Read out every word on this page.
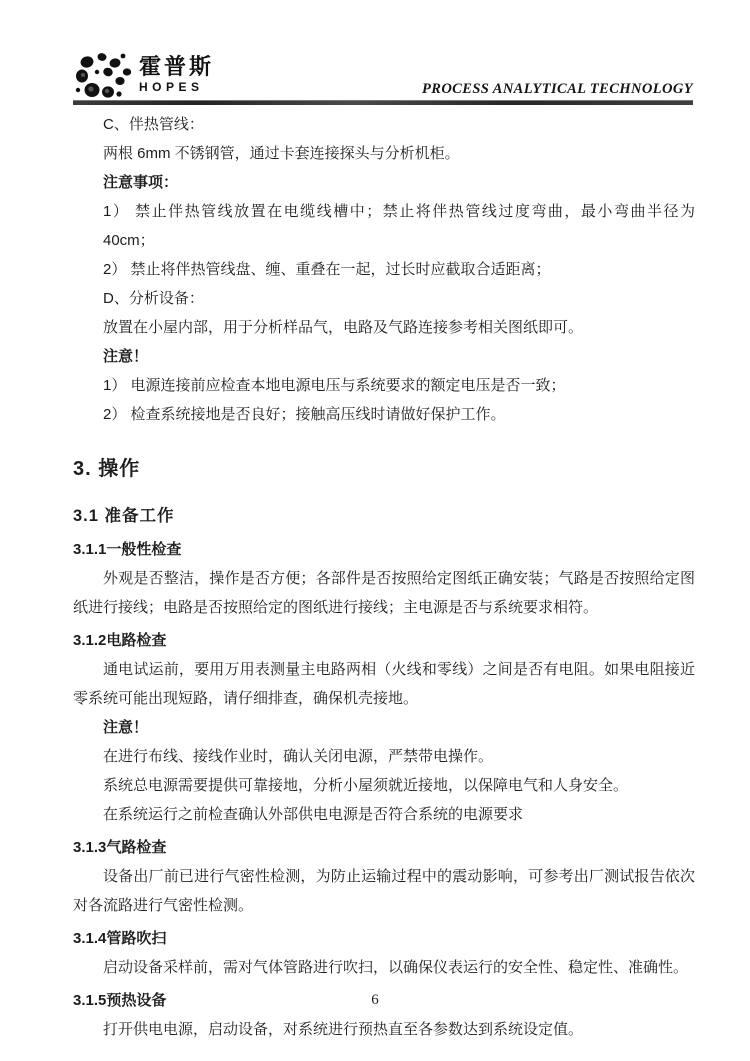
霍普斯
HOPES	PROCESS ANALYTICAL TECHNOLOGY
C、伴热管线：
两根 6mm 不锈钢管，通过卡套连接探头与分析机柜。
注意事项：
1） 禁止伴热管线放置在电缆线槽中；禁止将伴热管线过度弯曲，最小弯曲半径为 40cm；
2） 禁止将伴热管线盘、缠、重叠在一起，过长时应截取合适距离；
D、分析设备：
放置在小屋内部，用于分析样品气，电路及气路连接参考相关图纸即可。
注意！
1） 电源连接前应检查本地电源电压与系统要求的额定电压是否一致；
2） 检查系统接地是否良好；接触高压线时请做好保护工作。
3. 操作
3.1 准备工作
3.1.1一般性检查
外观是否整洁，操作是否方便；各部件是否按照给定图纸正确安装；气路是否按照给定图纸进行接线；电路是否按照给定的图纸进行接线；主电源是否与系统要求相符。
3.1.2电路检查
通电试运前，要用万用表测量主电路两相（火线和零线）之间是否有电阻。如果电阻接近零系统可能出现短路，请仔细排查，确保机壳接地。
注意！
在进行布线、接线作业时，确认关闭电源，严禁带电操作。
系统总电源需要提供可靠接地，分析小屋须就近接地，以保障电气和人身安全。
在系统运行之前检查确认外部供电电源是否符合系统的电源要求
3.1.3气路检查
设备出厂前已进行气密性检测，为防止运输过程中的震动影响，可参考出厂测试报告依次对各流路进行气密性检测。
3.1.4管路吹扫
启动设备采样前，需对气体管路进行吹扫，以确保仪表运行的安全性、稳定性、准确性。
3.1.5预热设备
打开供电电源，启动设备，对系统进行预热直至各参数达到系统设定值。
6
